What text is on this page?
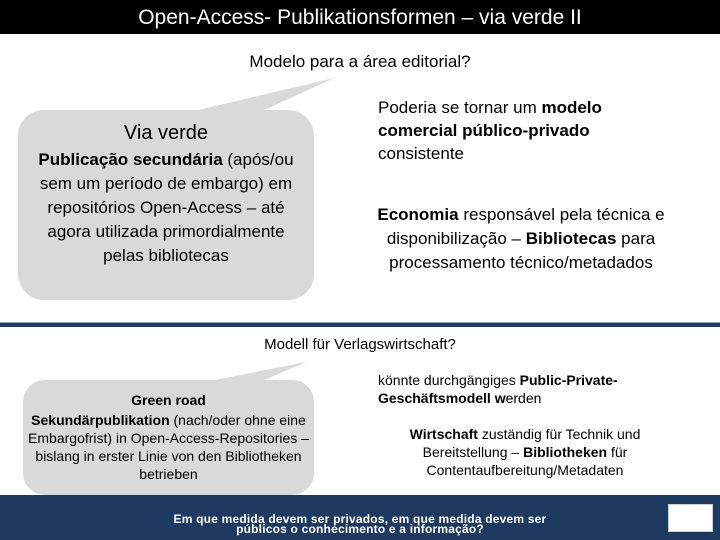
Open-Access- Publikationsformen – via verde II
Modelo para a área editorial?
Via verde
Publicação secundária (após/ou sem um período de embargo) em repositórios Open-Access – até agora utilizada primordialmente pelas bibliotecas
Poderia se tornar um modelo comercial público-privado consistente
Economia responsável pela técnica e disponibilização – Bibliotecas para processamento técnico/metadados
Modell für Verlagswirtschaft?
Green road
Sekundärpublikation (nach/oder ohne eine Embargofrist) in Open-Access-Repositories – bislang in erster Linie von den Bibliotheken betrieben
könnte durchgängiges Public-Private-Geschäftsmodell werden
Wirtschaft zuständig für Technik und Bereitstellung – Bibliotheken für Contentaufbereitung/Metadaten
Em que medida devem ser privados, em que medida devem ser
públicos o conhecimento e a informação?
